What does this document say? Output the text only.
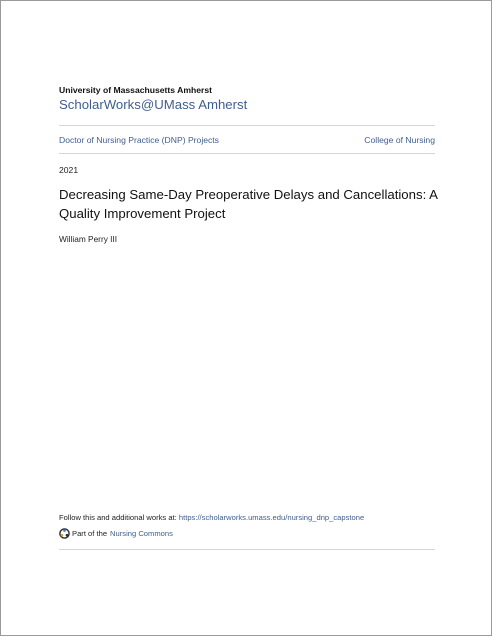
University of Massachusetts Amherst
ScholarWorks@UMass Amherst
Doctor of Nursing Practice (DNP) Projects	College of Nursing
2021
Decreasing Same-Day Preoperative Delays and Cancellations: A Quality Improvement Project
William Perry III
Follow this and additional works at: https://scholarworks.umass.edu/nursing_dnp_capstone
Part of the Nursing Commons
